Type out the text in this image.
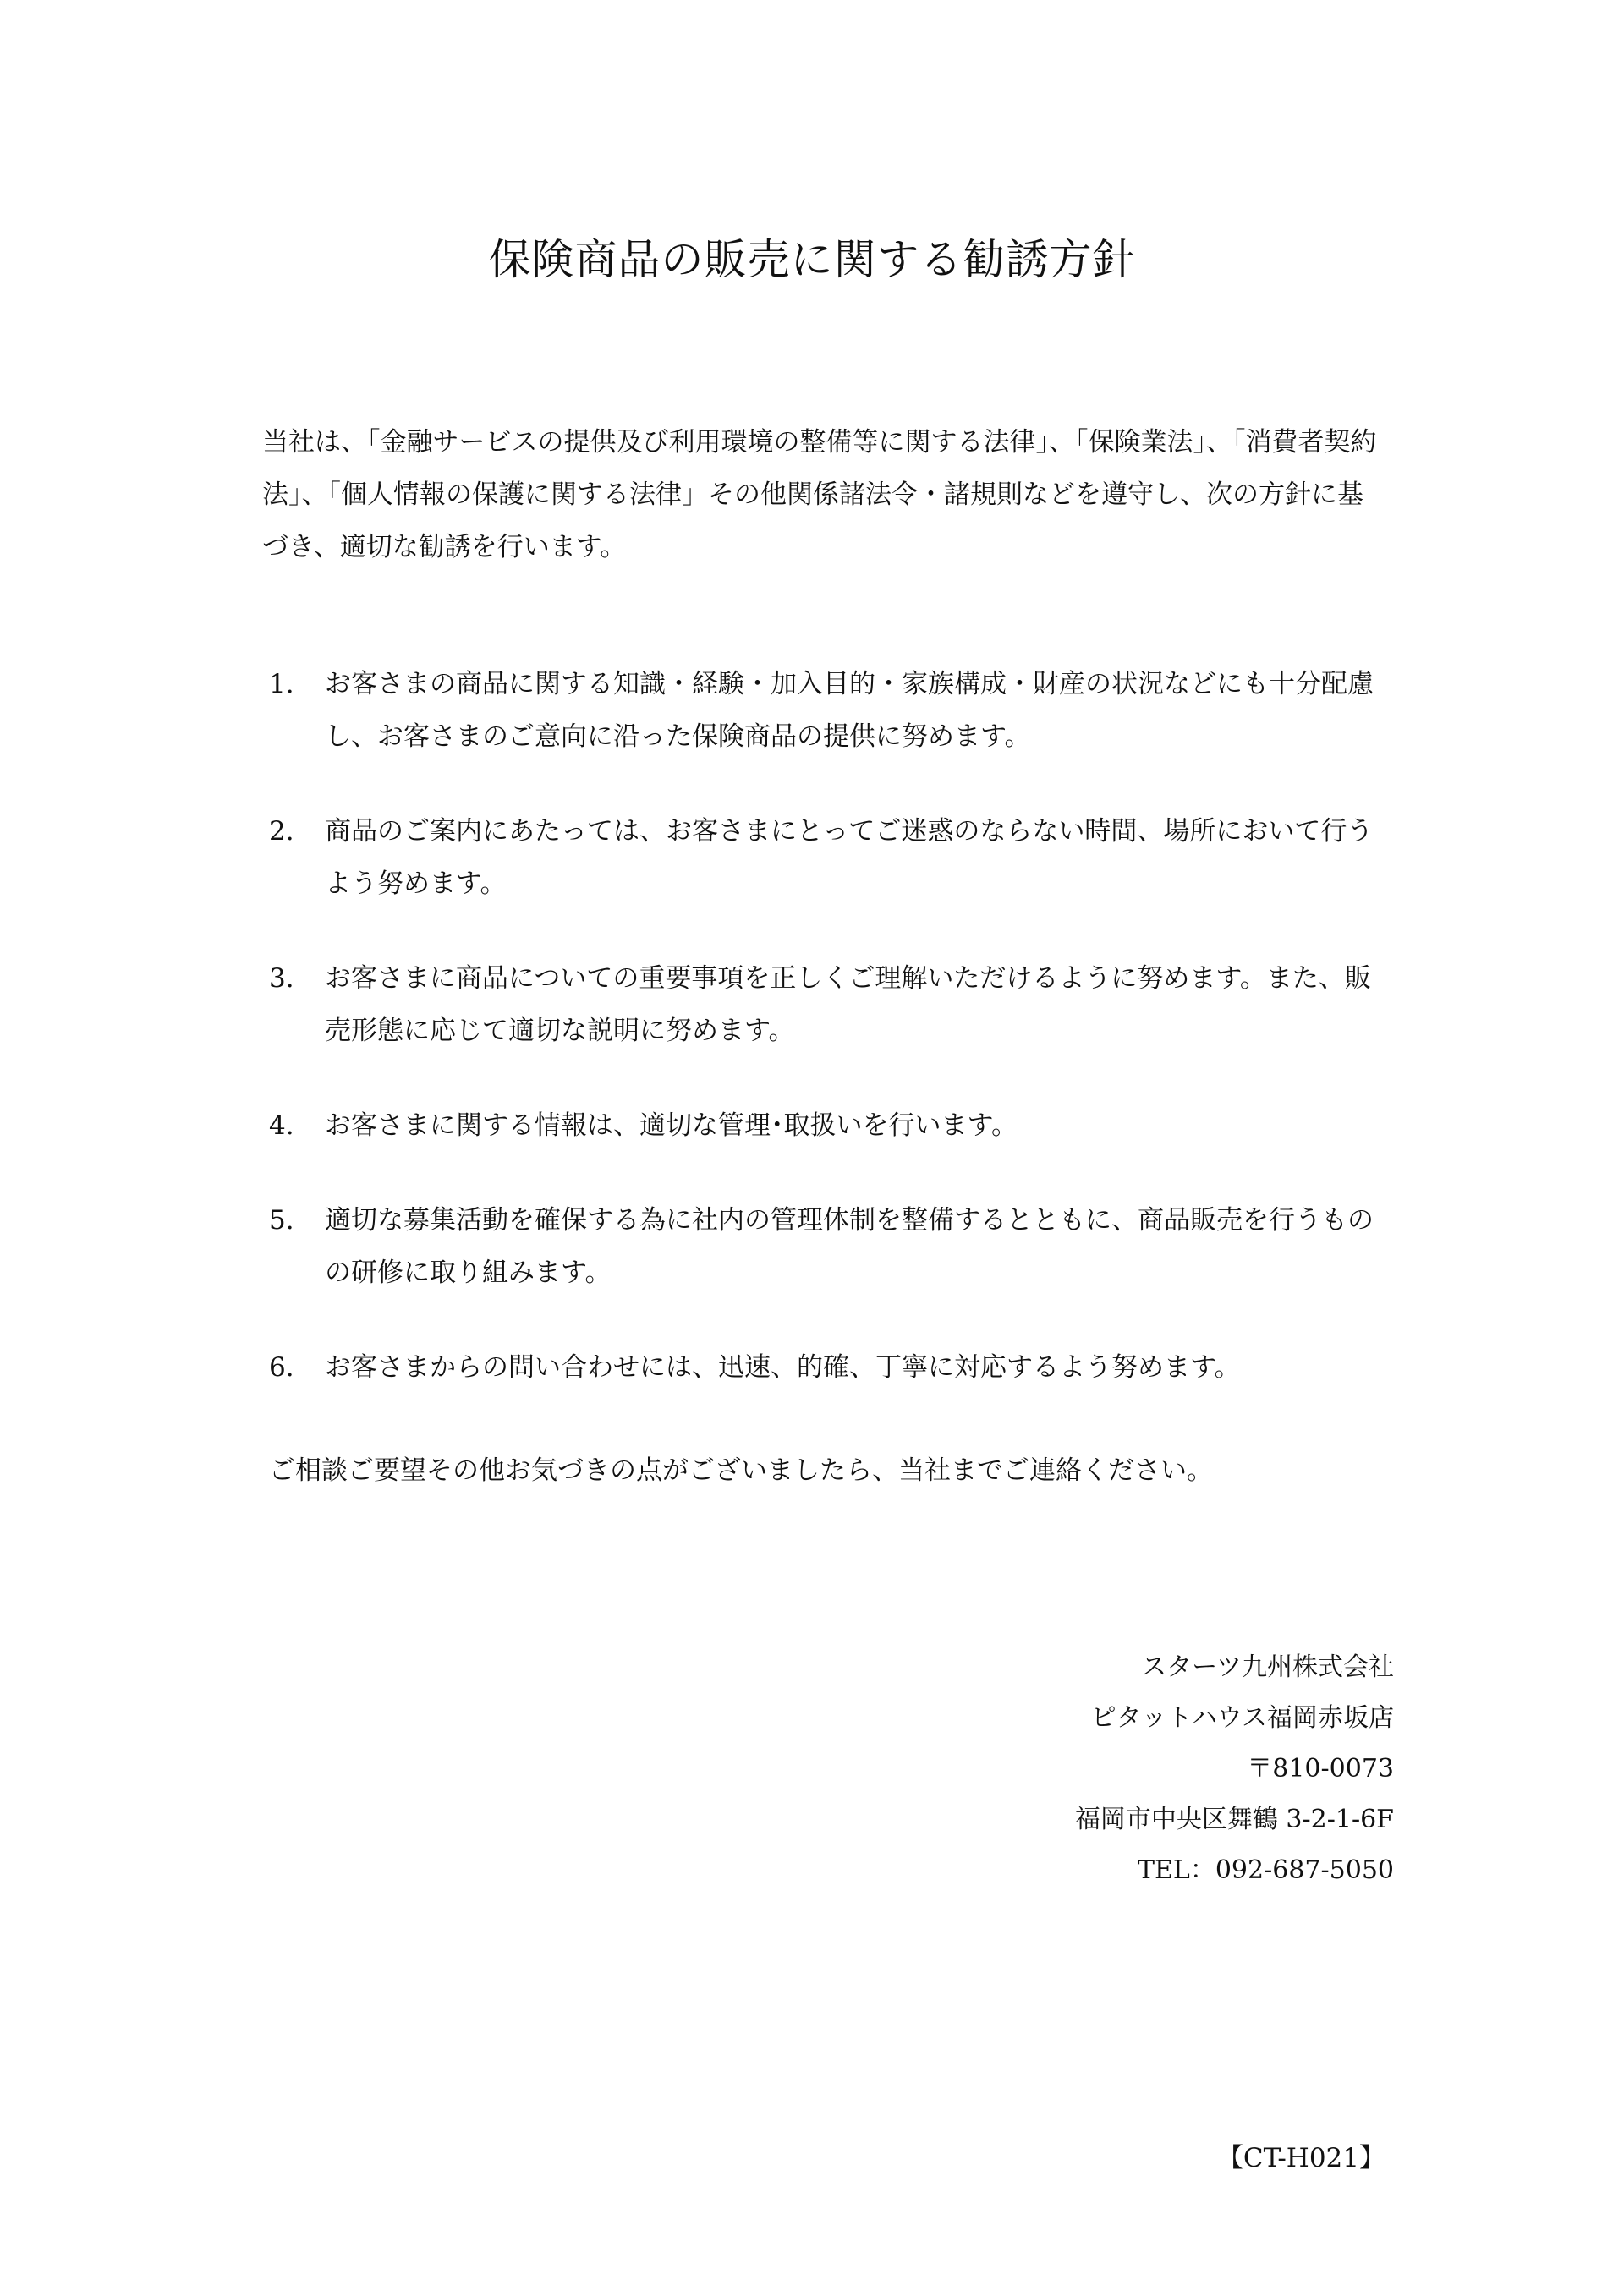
保険商品の販売に関する勧誘方針

当社は、「金融サービスの提供及び利用環境の整備等に関する法律」、「保険業法」、「消費者契約法」、「個人情報の保護に関する法律」その他関係諸法令・諸規則などを遵守し、次の方針に基づき、適切な勧誘を行います。

1.	お客さまの商品に関する知識・経験・加入目的・家族構成・財産の状況などにも十分配慮し、お客さまのご意向に沿った保険商品の提供に努めます。
2.	商品のご案内にあたっては、お客さまにとってご迷惑のならない時間、場所において行うよう努めます。
3.	お客さまに商品についての重要事項を正しくご理解いただけるように努めます。また、販売形態に応じて適切な説明に努めます。
4.	お客さまに関する情報は、適切な管理･取扱いを行います。
5.	適切な募集活動を確保する為に社内の管理体制を整備するとともに、商品販売を行うものの研修に取り組みます。
6.	お客さまからの問い合わせには、迅速、的確、丁寧に対応するよう努めます。

ご相談ご要望その他お気づきの点がございましたら、当社までご連絡ください。

スターツ九州株式会社
ピタットハウス福岡赤坂店
〒810-0073
福岡市中央区舞鶴 3-2-1-6F
TEL：092-687-5050
【CT-H021】
